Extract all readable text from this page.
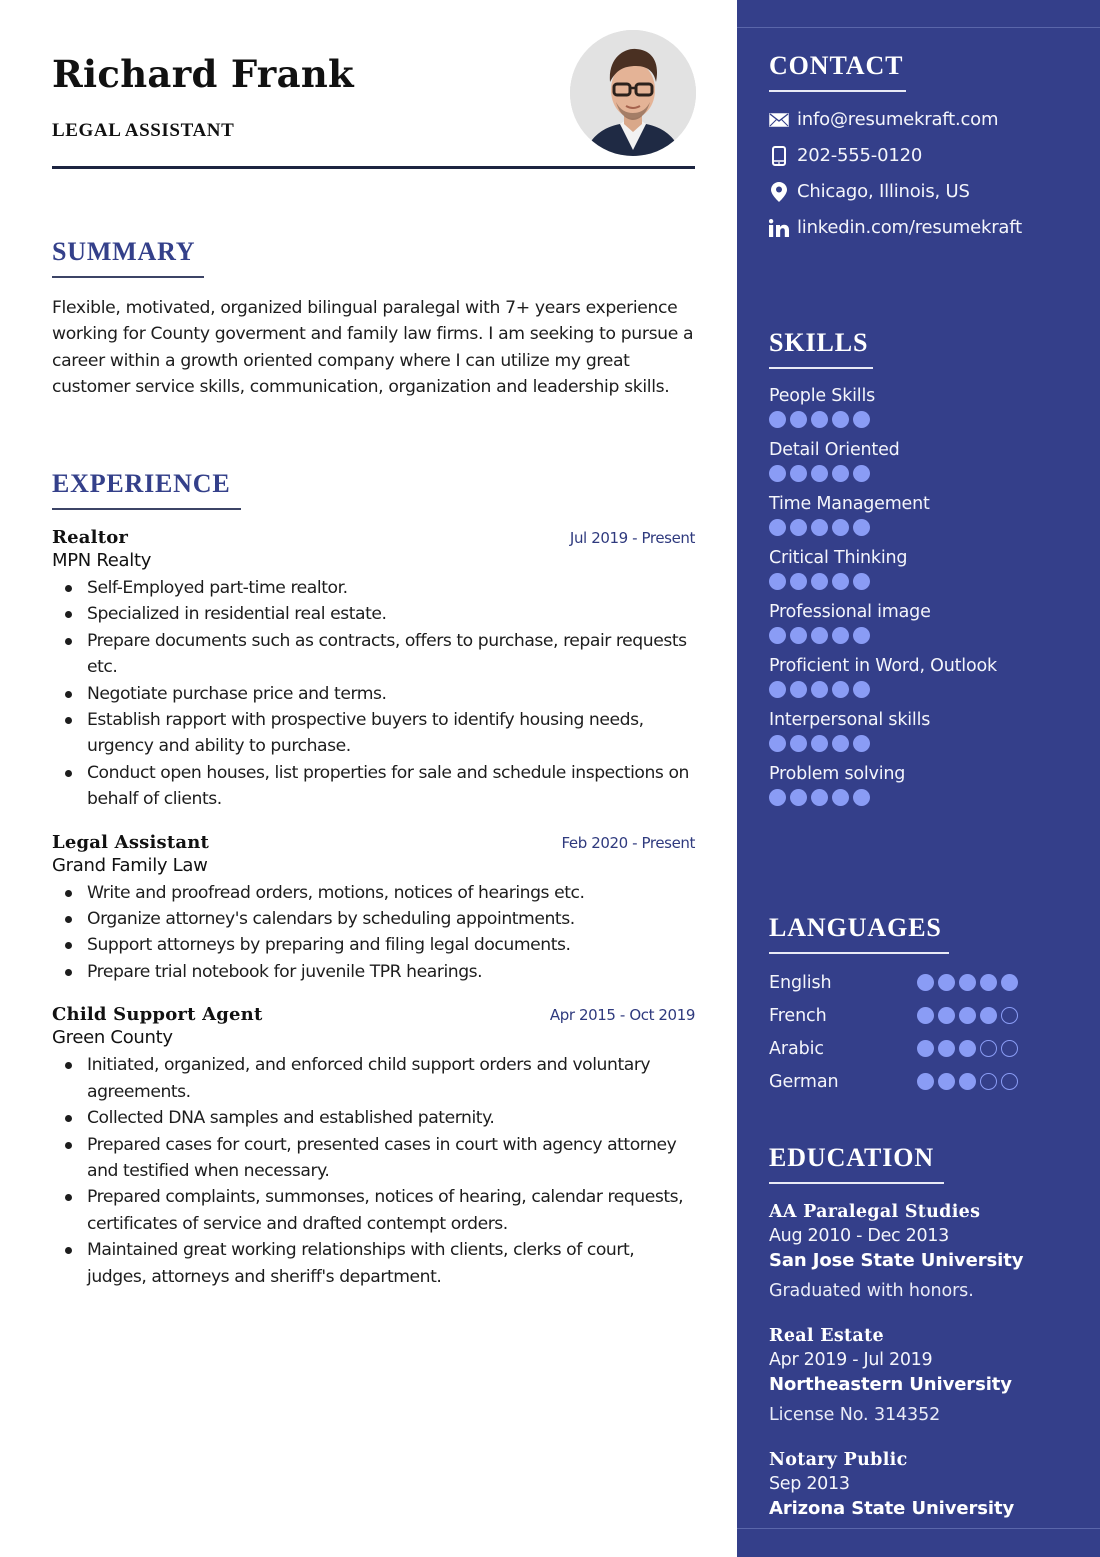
Richard Frank
LEGAL ASSISTANT
SUMMARY

Flexible, motivated, organized bilingual paralegal with 7+ years experience working for County goverment and family law firms. I am seeking to pursue a career within a growth oriented company where I can utilize my great customer service skills, communication, organization and leadership skills.

EXPERIENCE
Realtor	Jul 2019 - Present
MPN Realty
Self-Employed part-time realtor.
Specialized in residential real estate.
Prepare documents such as contracts, offers to purchase, repair requests etc.
Negotiate purchase price and terms.
Establish rapport with prospective buyers to identify housing needs, urgency and ability to purchase.
Conduct open houses, list properties for sale and schedule inspections on behalf of clients.
Legal Assistant	Feb 2020 - Present
Grand Family Law
Write and proofread orders, motions, notices of hearings etc.
Organize attorney's calendars by scheduling appointments.
Support attorneys by preparing and filing legal documents.
Prepare trial notebook for juvenile TPR hearings.
Child Support Agent	Apr 2015 - Oct 2019
Green County
Initiated, organized, and enforced child support orders and voluntary agreements.
Collected DNA samples and established paternity.
Prepared cases for court, presented cases in court with agency attorney and testified when necessary.
Prepared complaints, summonses, notices of hearing, calendar requests, certificates of service and drafted contempt orders.
Maintained great working relationships with clients, clerks of court, judges, attorneys and sheriff's department.
CONTACT
info@resumekraft.com
202-555-0120
Chicago, Illinois, US
linkedin.com/resumekraft
SKILLS
People Skills
Detail Oriented
Time Management
Critical Thinking
Professional image
Proficient in Word, Outlook
Interpersonal skills
Problem solving
LANGUAGES
English
French
Arabic
German
EDUCATION
AA Paralegal Studies
Aug 2010 - Dec 2013
San Jose State University
Graduated with honors.
Real Estate
Apr 2019 - Jul 2019
Northeastern University
License No. 314352
Notary Public
Sep 2013
Arizona State University
